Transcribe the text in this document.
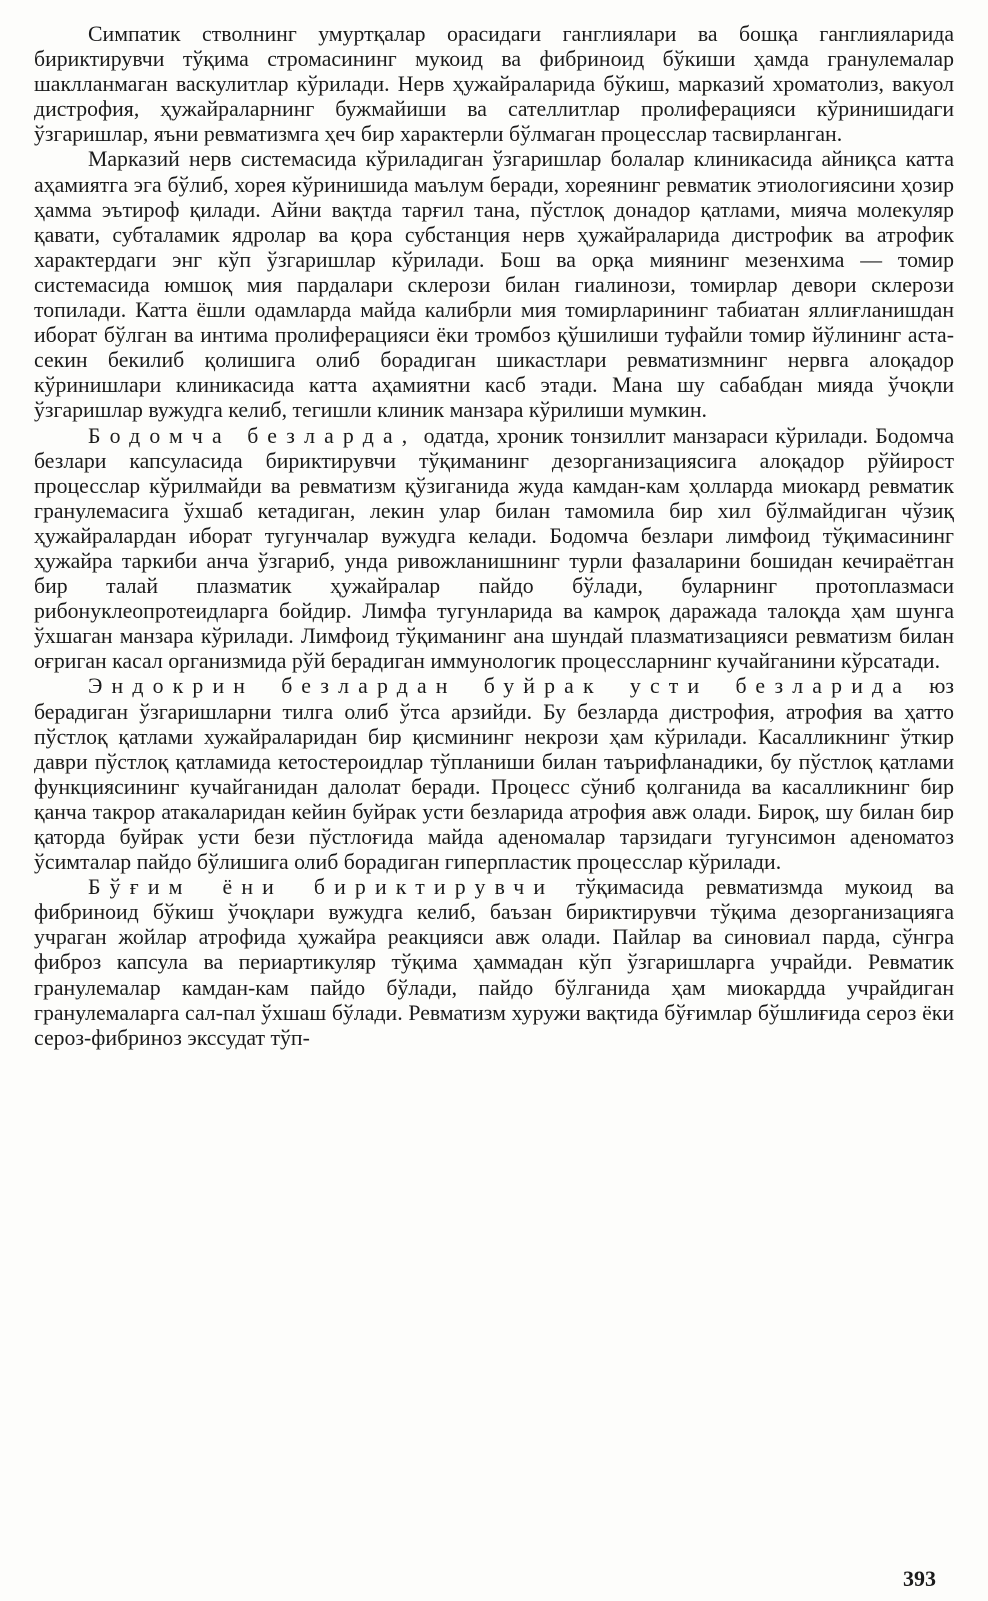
Симпатик стволнинг умуртқалар орасидаги ганглиялари ва бошқа ганглияларида бириктирувчи тўқима стромасининг мукоид ва фибриноид бўкиши ҳамда гранулемалар шаклланмаган васкулитлар кўрилади. Нерв ҳужайраларида бўкиш, марказий хроматолиз, вакуол дистрофия, ҳужайраларнинг бужмайиши ва сателлитлар пролиферацияси кўринишидаги ўзгаришлар, яъни ревматизмга ҳеч бир характерли бўлмаган процесслар тасвирланган.

Марказий нерв системасида кўриладиган ўзгаришлар болалар клиникасида айниқса катта аҳамиятга эга бўлиб, хорея кўринишида маълум беради, хореянинг ревматик этиологиясини ҳозир ҳамма эътироф қилади. Айни вақтда тарғил тана, пўстлоқ донадор қатлами, мияча молекуляр қавати, субталамик ядролар ва қора субстанция нерв ҳужайраларида дистрофик ва атрофик характердаги энг кўп ўзгаришлар кўрилади. Бош ва орқа миянинг мезенхима — томир системасида юмшоқ мия пардалари склерози билан гиалинози, томирлар девори склерози топилади. Катта ёшли одамларда майда калибрли мия томирларининг табиатан яллиғланишдан иборат бўлган ва интима пролиферацияси ёки тромбоз қўшилиши туфайли томир йўлининг аста-секин бекилиб қолишига олиб борадиган шикастлари ревматизмнинг нервга алоқадор кўринишлари клиникасида катта аҳамиятни касб этади. Мана шу сабабдан мияда ўчоқли ўзгаришлар вужудга келиб, тегишли клиник манзара кўрилиши мумкин.

Бодомча безларда, одатда, хроник тонзиллит манзараси кўрилади. Бодомча безлари капсуласида бириктирувчи тўқиманинг дезорганизациясига алоқадор рўйирост процесслар кўрилмайди ва ревматизм қўзиганида жуда камдан-кам ҳолларда миокард ревматик гранулемасига ўхшаб кетадиган, лекин улар билан тамомила бир хил бўлмайдиган чўзиқ ҳужайралардан иборат тугунчалар вужудга келади. Бодомча безлари лимфоид тўқимасининг ҳужайра таркиби анча ўзгариб, унда ривожланишнинг турли фазаларини бошидан кечираётган бир талай плазматик ҳужайралар пайдо бўлади, буларнинг протоплазмаси рибонуклеопротеидларга бойдир. Лимфа тугунларида ва камроқ даражада талоқда ҳам шунга ўхшаган манзара кўрилади. Лимфоид тўқиманинг ана шундай плазматизацияси ревматизм билан оғриган касал организмида рўй берадиган иммунологик процессларнинг кучайганини кўрсатади.

Эндокрин безлардан буйрак усти безларида юз берадиган ўзгаришларни тилга олиб ўтса арзийди. Бу безларда дистрофия, атрофия ва ҳатто пўстлоқ қатлами хужайраларидан бир қисмининг некрози ҳам кўрилади. Касалликнинг ўткир даври пўстлоқ қатламида кетостероидлар тўпланиши билан таърифланадики, бу пўстлоқ қатлами функциясининг кучайганидан далолат беради. Процесс сўниб қолганида ва касалликнинг бир қанча такрор атакаларидан кейин буйрак усти безларида атрофия авж олади. Бироқ, шу билан бир қаторда буйрак усти бези пўстлоғида майда аденомалар тарзидаги тугунсимон аденоматоз ўсимталар пайдо бўлишига олиб борадиган гиперпластик процесслар кўрилади.

Бўғим ёни бириктирувчи тўқимасида ревматизмда мукоид ва фибриноид бўкиш ўчоқлари вужудга келиб, баъзан бириктирувчи тўқима дезорганизацияга учраган жойлар атрофида ҳужайра реакцияси авж олади. Пайлар ва синовиал парда, сўнгра фиброз капсула ва периартикуляр тўқима ҳаммадан кўп ўзгаришларга учрайди. Ревматик гранулемалар камдан-кам пайдо бўлади, пайдо бўлганида ҳам миокардда учрайдиган гранулемаларга сал-пал ўхшаш бўлади. Ревматизм хуружи вақтида бўғимлар бўшлиғида сероз ёки сероз-фибриноз экссудат тўп-

393
